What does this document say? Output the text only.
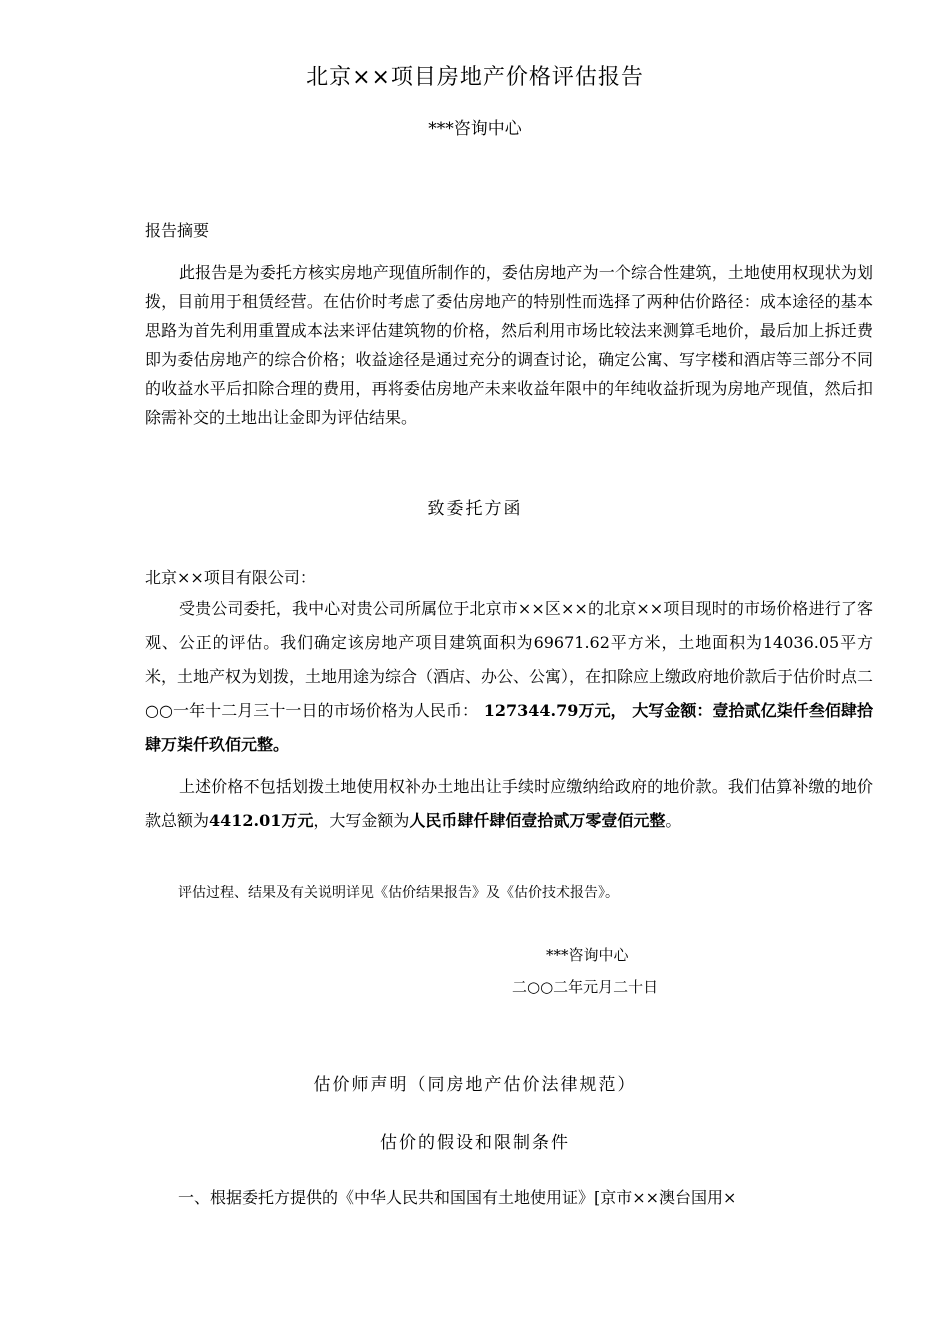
北京××项目房地产价格评估报告
***咨询中心
报告摘要
此报告是为委托方核实房地产现值所制作的，委估房地产为一个综合性建筑，土地使用权现状为划拨，目前用于租赁经营。在估价时考虑了委估房地产的特别性而选择了两种估价路径：成本途径的基本思路为首先利用重置成本法来评估建筑物的价格，然后利用市场比较法来测算毛地价，最后加上拆迁费即为委估房地产的综合价格；收益途径是通过充分的调查讨论，确定公寓、写字楼和酒店等三部分不同的收益水平后扣除合理的费用，再将委估房地产未来收益年限中的年纯收益折现为房地产现值，然后扣除需补交的土地出让金即为评估结果。
致委托方函
北京××项目有限公司：
受贵公司委托，我中心对贵公司所属位于北京市××区××的北京××项目现时的市场价格进行了客观、公正的评估。我们确定该房地产项目建筑面积为69671.62平方米，土地面积为14036.05平方米，土地产权为划拨，土地用途为综合（酒店、办公、公寓），在扣除应上缴政府地价款后于估价时点二○○一年十二月三十一日的市场价格为人民币： 127344.79万元， 大写金额：壹拾贰亿柒仟叁佰肆拾肆万柒仟玖佰元整。
上述价格不包括划拨土地使用权补办土地出让手续时应缴纳给政府的地价款。我们估算补缴的地价款总额为4412.01万元，大写金额为人民币肆仟肆佰壹拾贰万零壹佰元整。
评估过程、结果及有关说明详见《估价结果报告》及《估价技术报告》。
***咨询中心
二○○二年元月二十日
估价师声明（同房地产估价法律规范）
估价的假设和限制条件
一、根据委托方提供的《中华人民共和国国有土地使用证》[京市××澳台国用×
